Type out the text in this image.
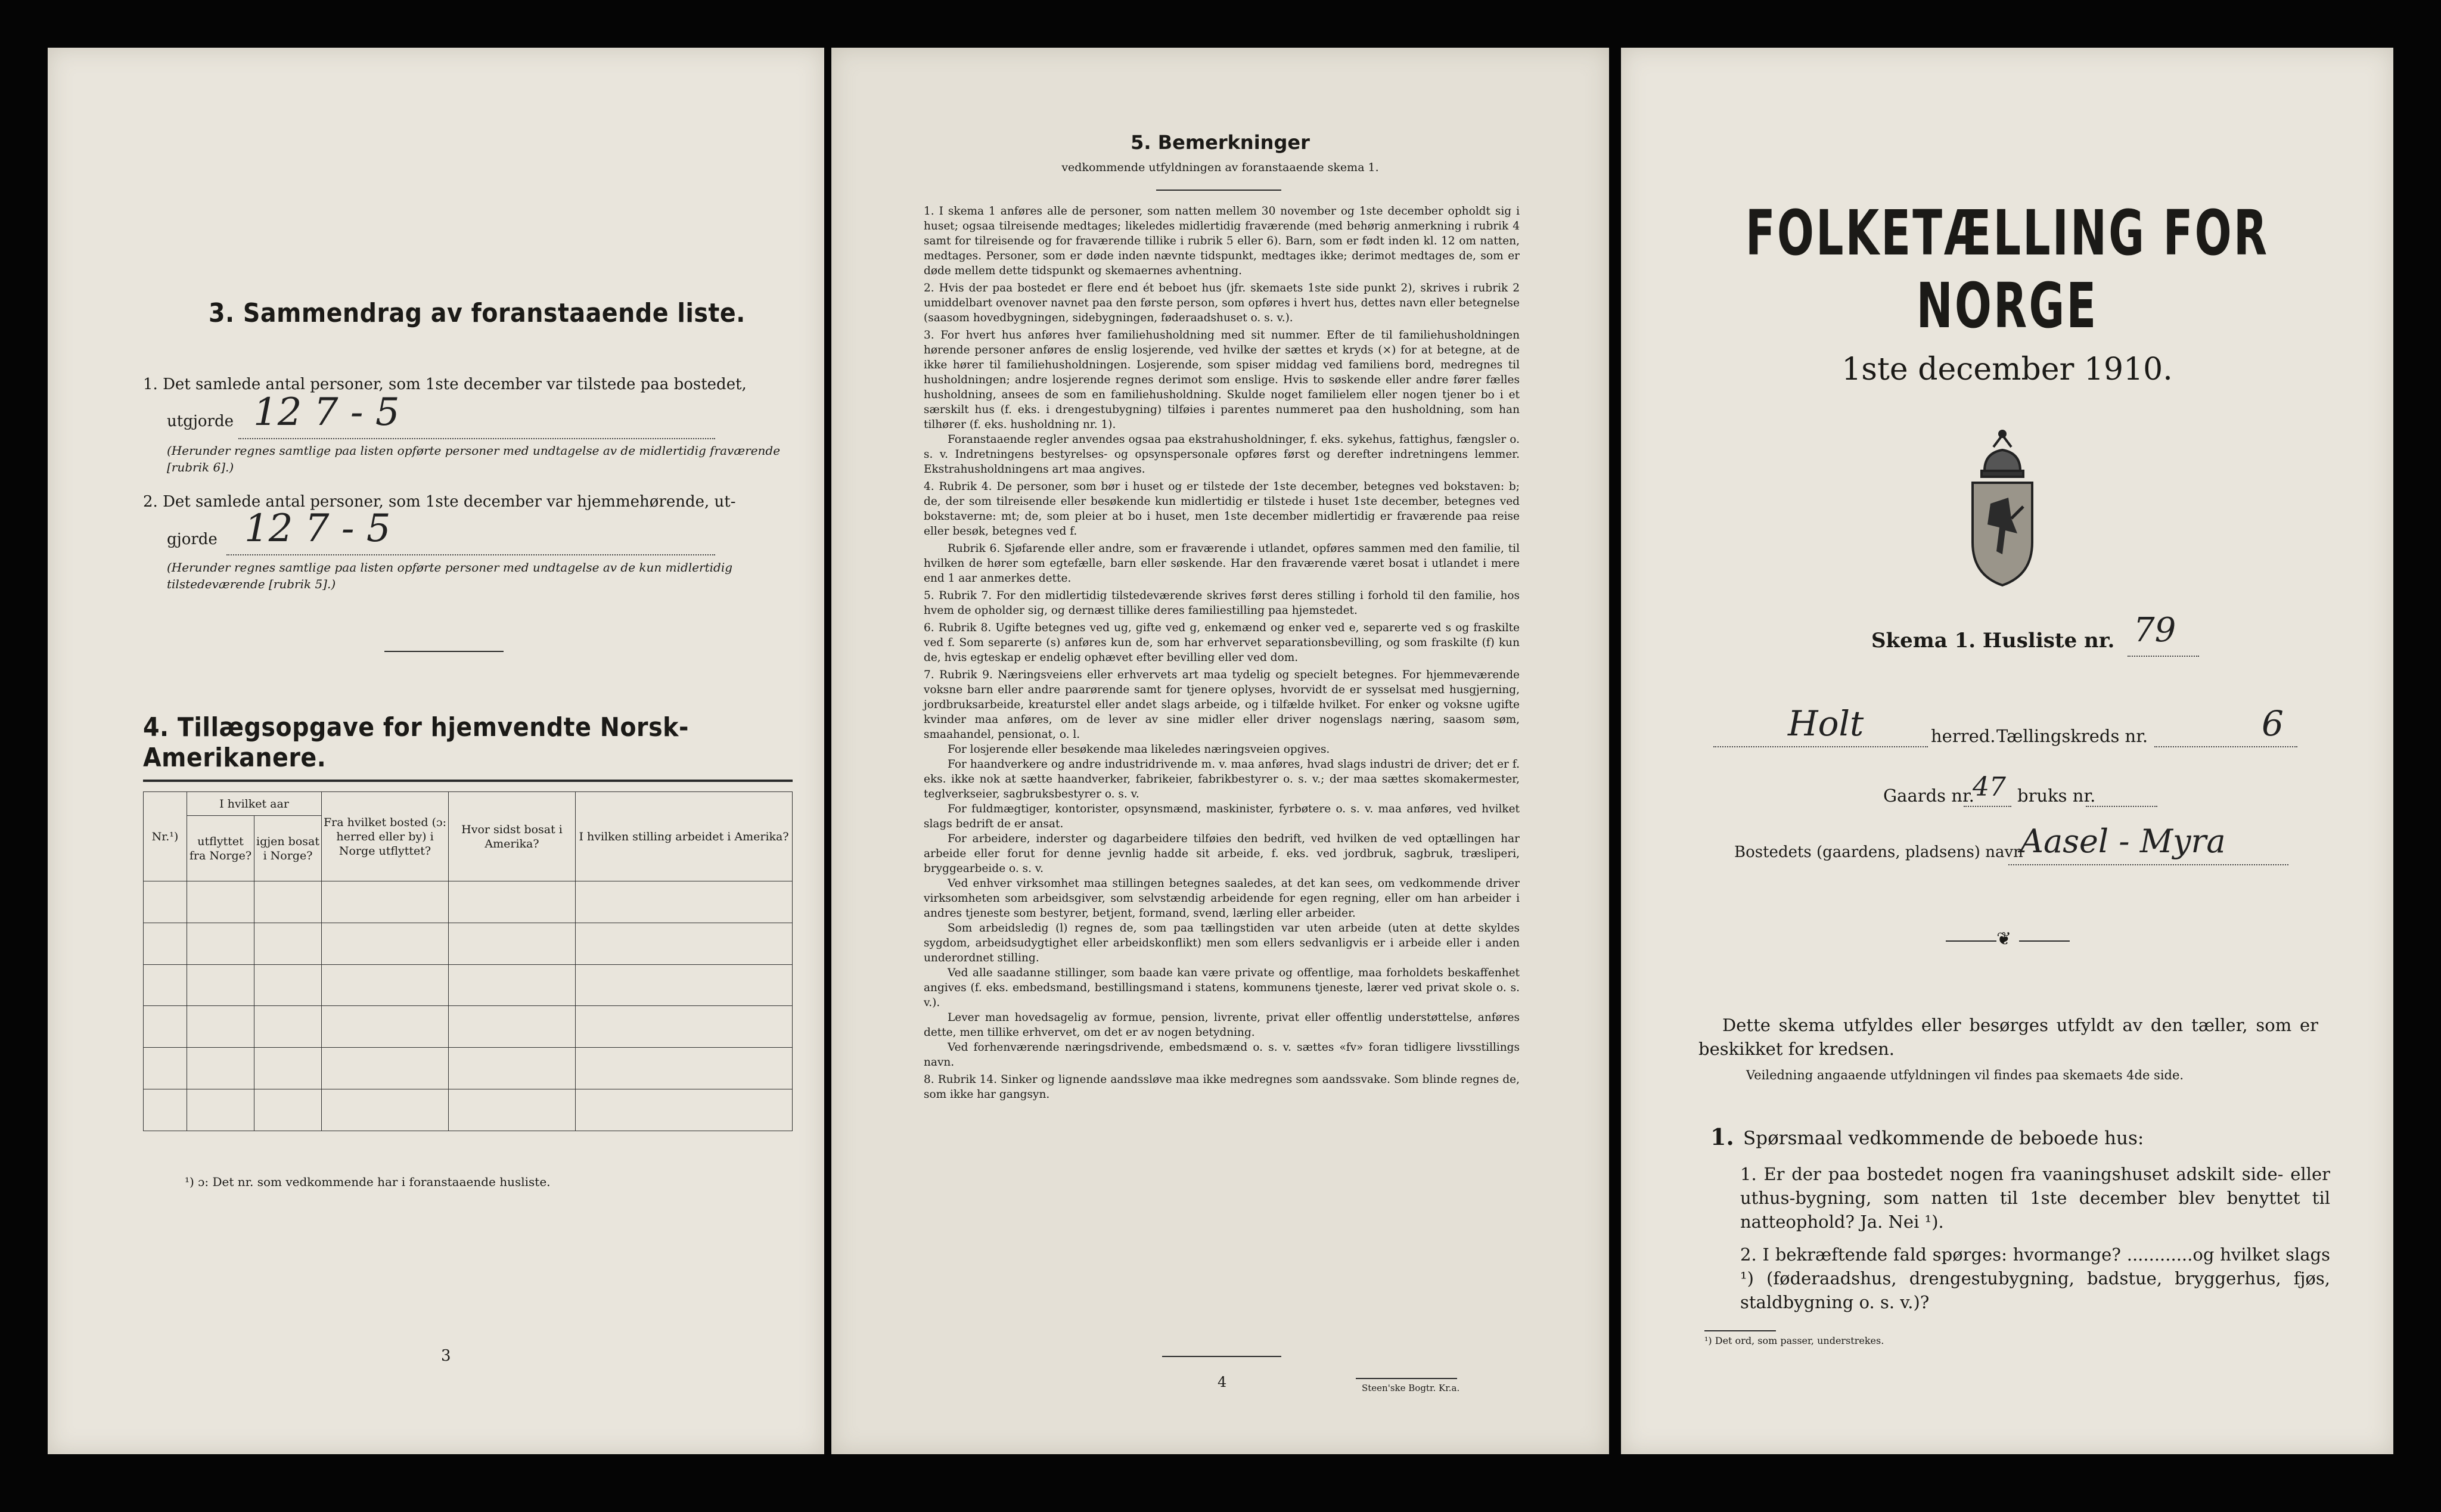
3. Sammendrag av foranstaaende liste.
1. Det samlede antal personer, som 1ste december var tilstede paa bostedet,
utgjorde 12 7 - 5
(Herunder regnes samtlige paa listen opførte personer med undtagelse av de midlertidig fraværende [rubrik 6].)
2. Det samlede antal personer, som 1ste december var hjemmehørende, ut-
gjorde 12 7 - 5
(Herunder regnes samtlige paa listen opførte personer med undtagelse av de kun midlertidig tilstedeværende [rubrik 5].)
4. Tillægsopgave for hjemvendte Norsk-Amerikanere.
Nr.¹)	I hvilket aar		Fra hvilket bosted (ɔ: herred eller by) i Norge utflyttet?	Hvor sidst bosat i Amerika?	I hvilken stilling arbeidet i Amerika?
	utflyttet fra Norge?	igjen bosat i Norge?			

¹) ɔ: Det nr. som vedkommende har i foranstaaende husliste.
3
5. Bemerkninger
vedkommende utfyldningen av foranstaaende skema 1.
1. I skema 1 anføres alle de personer, som natten mellem 30 november og 1ste december opholdt sig i huset; ogsaa tilreisende medtages; likeledes midlertidig fraværende (med behørig anmerkning i rubrik 4 samt for tilreisende og for fraværende tillike i rubrik 5 eller 6). Barn, som er født inden kl. 12 om natten, medtages. Personer, som er døde inden nævnte tidspunkt, medtages ikke; derimot medtages de, som er døde mellem dette tidspunkt og skemaernes avhentning.
2. Hvis der paa bostedet er flere end ét beboet hus (jfr. skemaets 1ste side punkt 2), skrives i rubrik 2 umiddelbart ovenover navnet paa den første person, som opføres i hvert hus, dettes navn eller betegnelse (saasom hovedbygningen, sidebygningen, føderaadshuset o. s. v.).
3. For hvert hus anføres hver familiehusholdning med sit nummer. Efter de til familiehusholdningen hørende personer anføres de enslig losjerende, ved hvilke der sættes et kryds (×) for at betegne, at de ikke hører til familiehusholdningen. Losjerende, som spiser middag ved familiens bord, medregnes til husholdningen; andre losjerende regnes derimot som enslige. Hvis to søskende eller andre fører fælles husholdning, ansees de som en familiehusholdning. Skulde noget familielem eller nogen tjener bo i et særskilt hus (f. eks. i drengestubygning) tilføies i parentes nummeret paa den husholdning, som han tilhører (f. eks. husholdning nr. 1).
Foranstaaende regler anvendes ogsaa paa ekstrahusholdninger, f. eks. sykehus, fattighus, fængsler o. s. v. Indretningens bestyrelses- og opsynspersonale opføres først og derefter indretningens lemmer. Ekstrahusholdningens art maa angives.
4. Rubrik 4. De personer, som bør i huset og er tilstede der 1ste december, betegnes ved bokstaven: b; de, der som tilreisende eller besøkende kun midlertidig er tilstede i huset 1ste december, betegnes ved bokstaverne: mt; de, som pleier at bo i huset, men 1ste december midlertidig er fraværende paa reise eller besøk, betegnes ved f.
Rubrik 6. Sjøfarende eller andre, som er fraværende i utlandet, opføres sammen med den familie, til hvilken de hører som egtefælle, barn eller søskende. Har den fraværende været bosat i utlandet i mere end 1 aar anmerkes dette.
5. Rubrik 7. For den midlertidig tilstedeværende skrives først deres stilling i forhold til den familie, hos hvem de opholder sig, og dernæst tillike deres familiestilling paa hjemstedet.
6. Rubrik 8. Ugifte betegnes ved ug, gifte ved g, enkemænd og enker ved e, separerte ved s og fraskilte ved f. Som separerte (s) anføres kun de, som har erhvervet separationsbevilling, og som fraskilte (f) kun de, hvis egteskap er endelig ophævet efter bevilling eller ved dom.
7. Rubrik 9. Næringsveiens eller erhvervets art maa tydelig og specielt betegnes. For hjemmeværende voksne barn eller andre paarørende samt for tjenere oplyses, hvorvidt de er sysselsat med husgjerning, jordbruksarbeide, kreaturstel eller andet slags arbeide, og i tilfælde hvilket. For enker og voksne ugifte kvinder maa anføres, om de lever av sine midler eller driver nogenslags næring, saasom søm, smaahandel, pensionat, o. l.
For losjerende eller besøkende maa likeledes næringsveien opgives.
For haandverkere og andre industridrivende m. v. maa anføres, hvad slags industri de driver; det er f. eks. ikke nok at sætte haandverker, fabrikeier, fabrikbestyrer o. s. v.; der maa sættes skomakermester, teglverkseier, sagbruksbestyrer o. s. v.
For fuldmægtiger, kontorister, opsynsmænd, maskinister, fyrbøtere o. s. v. maa anføres, ved hvilket slags bedrift de er ansat.
For arbeidere, inderster og dagarbeidere tilføies den bedrift, ved hvilken de ved optællingen har arbeide eller forut for denne jevnlig hadde sit arbeide, f. eks. ved jordbruk, sagbruk, træsliperi, bryggearbeide o. s. v.
Ved enhver virksomhet maa stillingen betegnes saaledes, at det kan sees, om vedkommende driver virksomheten som arbeidsgiver, som selvstændig arbeidende for egen regning, eller om han arbeider i andres tjeneste som bestyrer, betjent, formand, svend, lærling eller arbeider.
Som arbeidsledig (l) regnes de, som paa tællingstiden var uten arbeide (uten at dette skyldes sygdom, arbeidsudygtighet eller arbeidskonflikt) men som ellers sedvanligvis er i arbeide eller i anden underordnet stilling.
Ved alle saadanne stillinger, som baade kan være private og offentlige, maa forholdets beskaffenhet angives (f. eks. embedsmand, bestillingsmand i statens, kommunens tjeneste, lærer ved privat skole o. s. v.).
Lever man hovedsagelig av formue, pension, livrente, privat eller offentlig understøttelse, anføres dette, men tillike erhvervet, om det er av nogen betydning.
Ved forhenværende næringsdrivende, embedsmænd o. s. v. sættes «fv» foran tidligere livsstillings navn.
8. Rubrik 14. Sinker og lignende aandssløve maa ikke medregnes som aandssvake. Som blinde regnes de, som ikke har gangsyn.
4	Steen'ske Bogtr. Kr.a.
FOLKETÆLLING FOR NORGE
1ste december 1910.
Skema 1. Husliste nr. 79
Holt	herred. Tællingskreds nr.	6
Gaards nr.
47 bruks nr.
Bostedets (gaardens, pladsens) navn
Aasel - Myra
❦
Dette skema utfyldes eller besørges utfyldt av den tæller, som er beskikket for kredsen.
Veiledning angaaende utfyldningen vil findes paa skemaets 4de side.
1. Spørsmaal vedkommende de beboede hus:
1. Er der paa bostedet nogen fra vaaningshuset adskilt side- eller uthus-bygning, som natten til 1ste december blev benyttet til natteophold? Ja. Nei ¹).
2. I bekræftende fald spørges: hvormange? ............og hvilket slags ¹) (føderaadshus, drengestubygning, badstue, bryggerhus, fjøs, staldbygning o. s. v.)?
¹) Det ord, som passer, understrekes.
